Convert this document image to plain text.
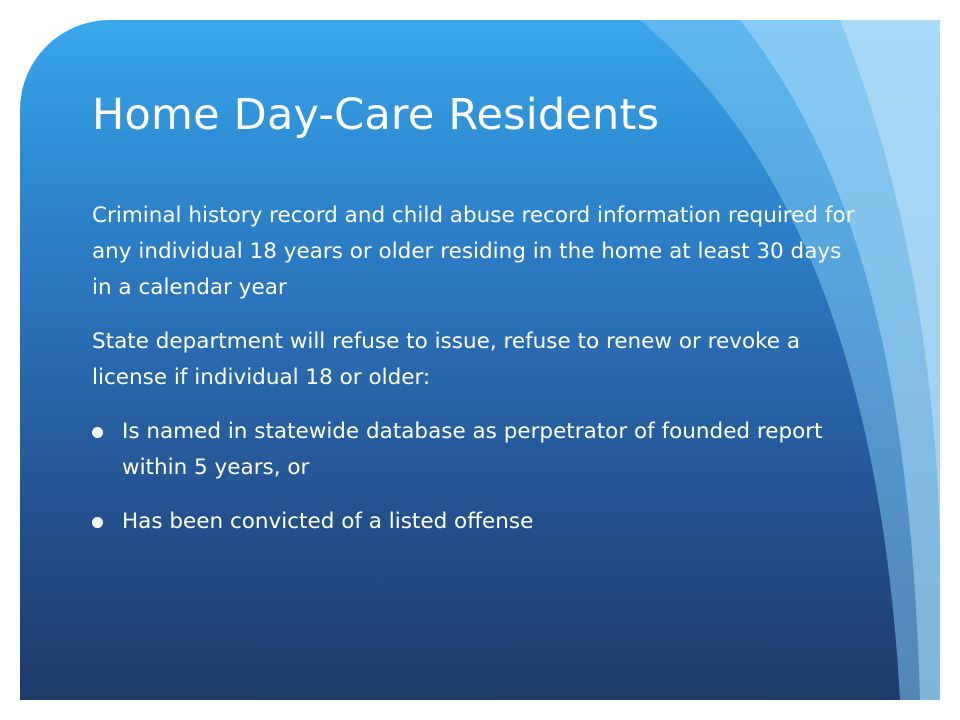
Home Day-Care Residents

Criminal history record and child abuse record information required for any individual 18 years or older residing in the home at least 30 days in a calendar year

State department will refuse to issue, refuse to renew or revoke a license if individual 18 or older:

Is named in statewide database as perpetrator of founded report within 5 years, or
Has been convicted of a listed offense
